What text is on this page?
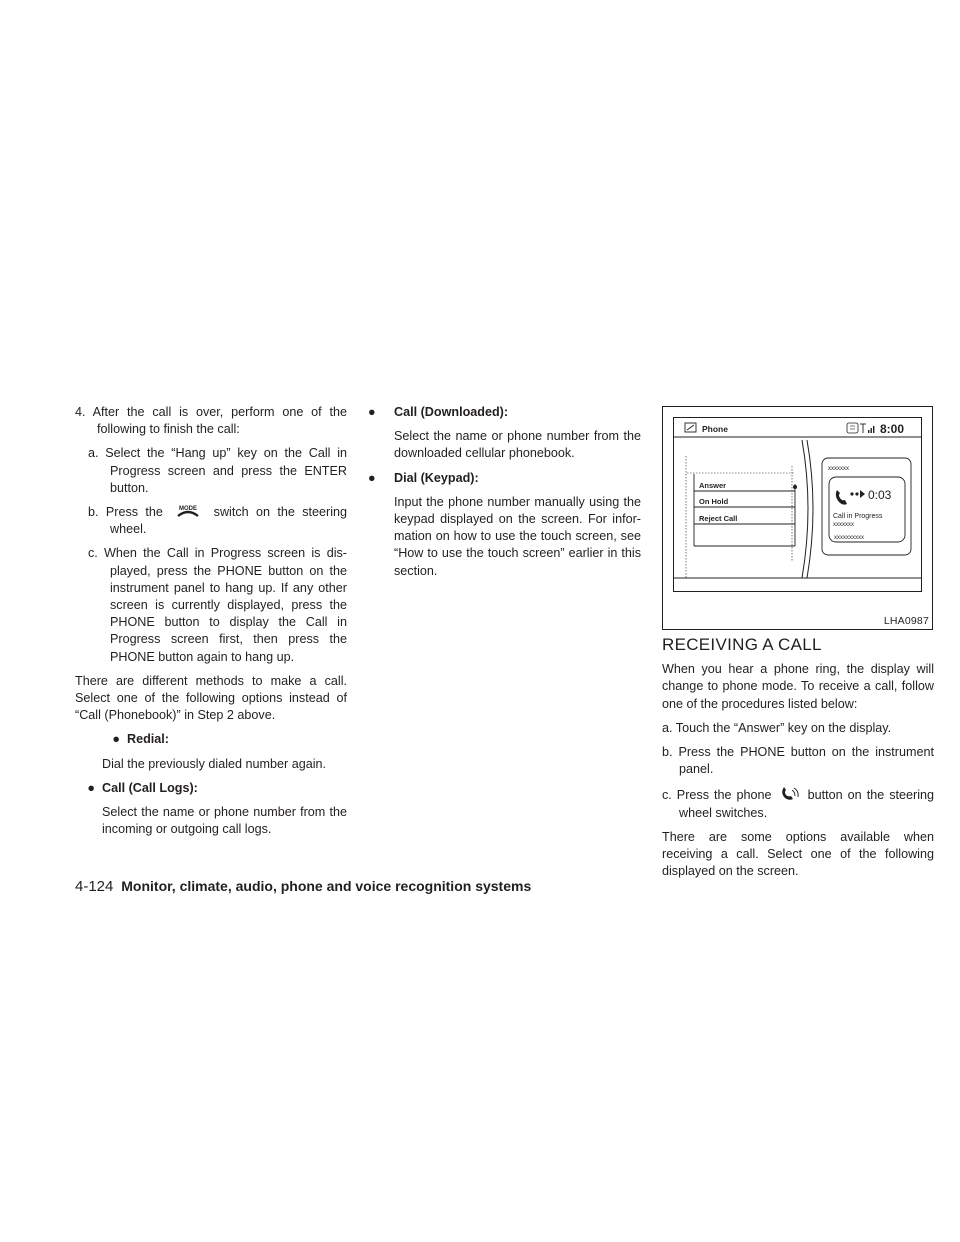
4. After the call is over, perform one of the following to finish the call:

a. Select the “Hang up” key on the Call in Progress screen and press the ENTER button.

b. Press the	MODE switch on the steering wheel.

c. When the Call in Progress screen is dis- played, press the PHONE button on the instrument panel to hang up. If any other screen is currently displayed, press the PHONE button to display the Call in Progress screen first, then press the PHONE button again to hang up.

There are different methods to make a call. Select one of the following options instead of “Call (Phonebook)” in Step 2 above.

● Redial:

Dial the previously dialed number again.

● Call (Call Logs):

Select the name or phone number from the incoming or outgoing call logs.

●	Call (Downloaded):

Select the name or phone number from the downloaded cellular phonebook.

●	Dial (Keypad):

Input the phone number manually using the keypad displayed on the screen. For infor- mation on how to use the touch screen, see “How to use the touch screen” earlier in this section.

Phone	8:00
Answer
On Hold
Reject Call
xxxxxxx
0:03
Call in Progress
xxxxxxx
xxxxxxxxxx
LHA0987
RECEIVING A CALL

When you hear a phone ring, the display will change to phone mode. To receive a call, follow one of the procedures listed below:

a. Touch the “Answer” key on the display.

b. Press the PHONE button on the instrument panel.

c. Press the phone	button on the steering wheel switches.

There are some options available when receiving a call. Select one of the following displayed on the screen.

4-124 Monitor, climate, audio, phone and voice recognition systems
